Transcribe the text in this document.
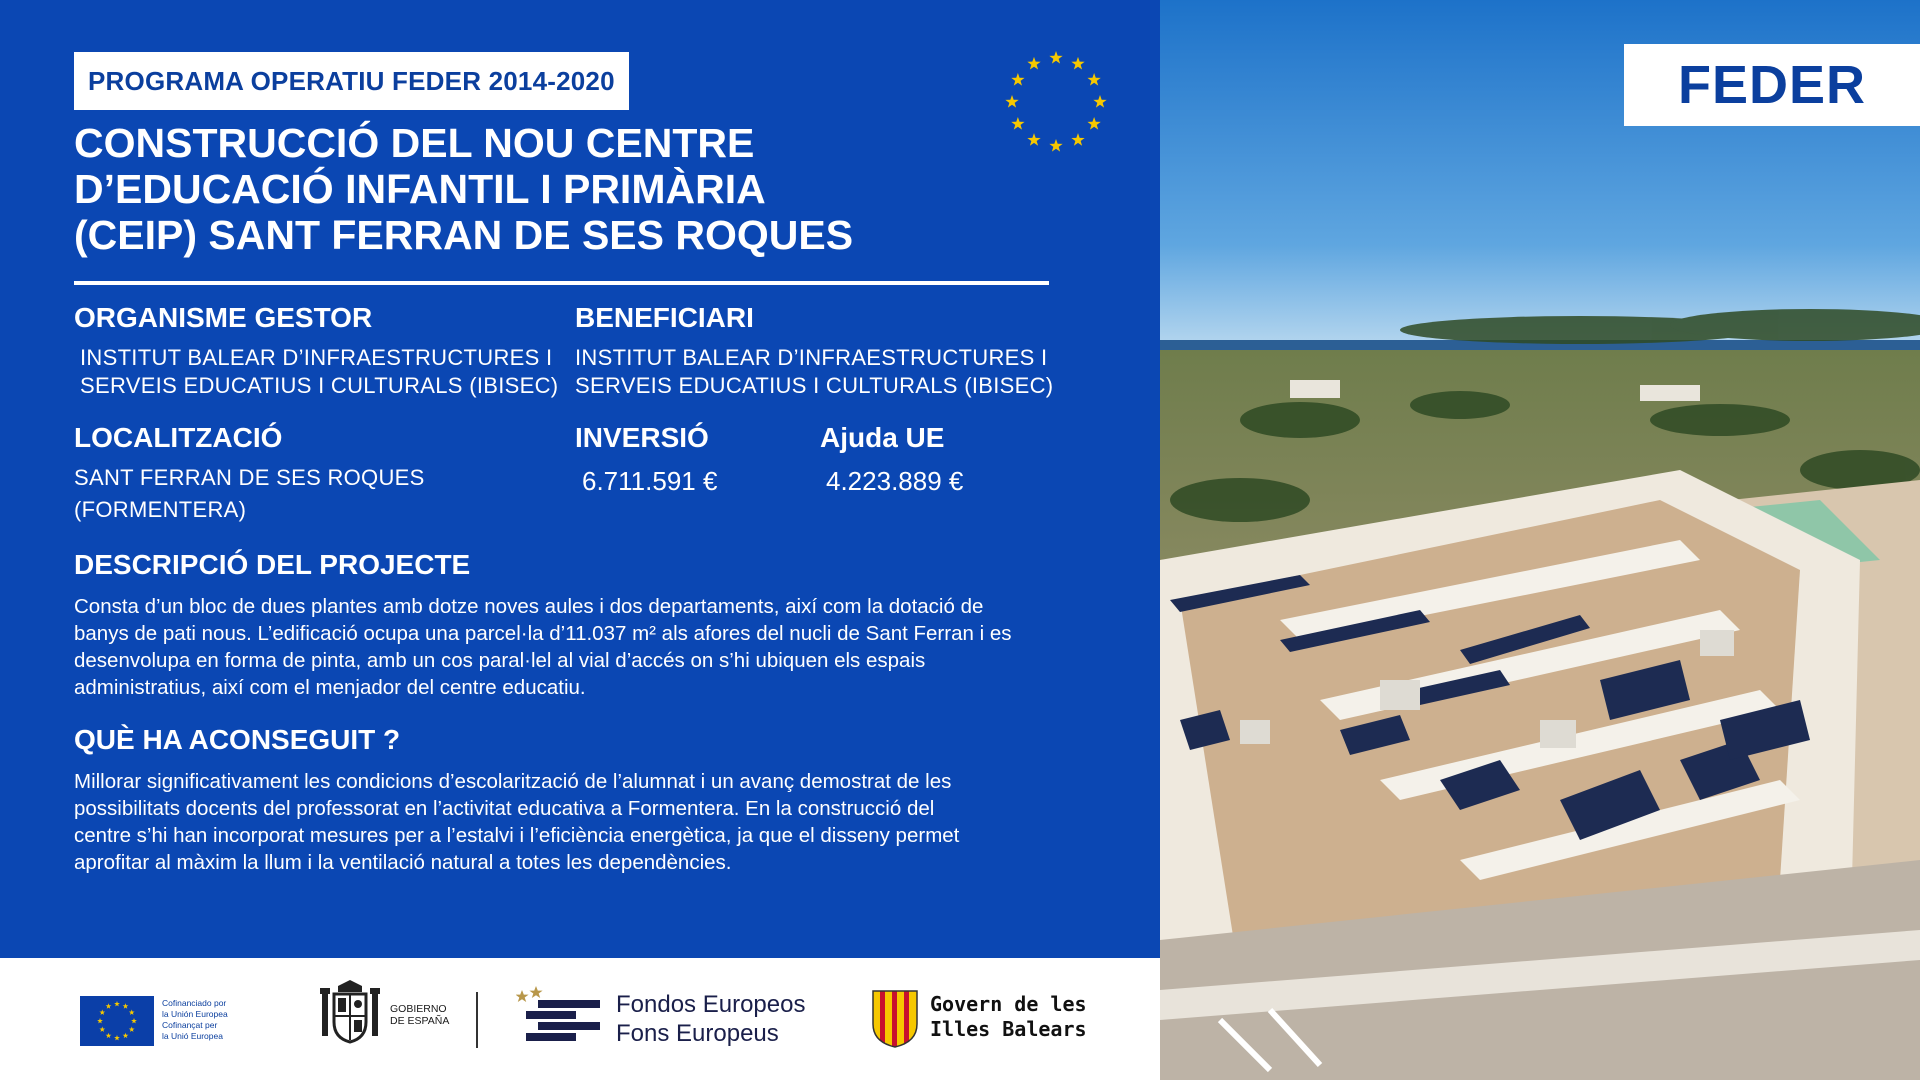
PROGRAMA OPERATIU FEDER 2014-2020
CONSTRUCCIÓ DEL NOU CENTRE
D’EDUCACIÓ INFANTIL I PRIMÀRIA
(CEIP) SANT FERRAN DE SES ROQUES
ORGANISME GESTOR
INSTITUT BALEAR D’INFRAESTRUCTURES I
SERVEIS EDUCATIUS I CULTURALS (IBISEC)
BENEFICIARI
INSTITUT BALEAR D’INFRAESTRUCTURES I
SERVEIS EDUCATIUS I CULTURALS (IBISEC)
LOCALITZACIÓ
SANT FERRAN DE SES ROQUES
(FORMENTERA)
INVERSIÓ
6.711.591 €
Ajuda UE
4.223.889 €
DESCRIPCIÓ DEL PROJECTE
Consta d’un bloc de dues plantes amb dotze noves aules i dos departaments, així com la dotació de
banys de pati nous. L’edificació ocupa una parcel·la d’11.037 m² als afores del nucli de Sant Ferran i es
desenvolupa en forma de pinta, amb un cos paral·lel al vial d’accés on s’hi ubiquen els espais
administratius, així com el menjador del centre educatiu.
QUÈ HA ACONSEGUIT ?
Millorar significativament les condicions d’escolarització de l’alumnat i un avanç demostrat de les
possibilitats docents del professorat en l’activitat educativa a Formentera. En la construcció del
centre s’hi han incorporat mesures per a l’estalvi i l’eficiència energètica, ja que el disseny permet
aprofitar al màxim la llum i la ventilació natural a totes les dependències.
Cofinanciado por
la Unión Europea
Cofinançat per
la Unió Europea
GOBIERNO
DE ESPAÑA
Fondos Europeos
Fons Europeus
Govern de les
Illes Balears
FEDER
